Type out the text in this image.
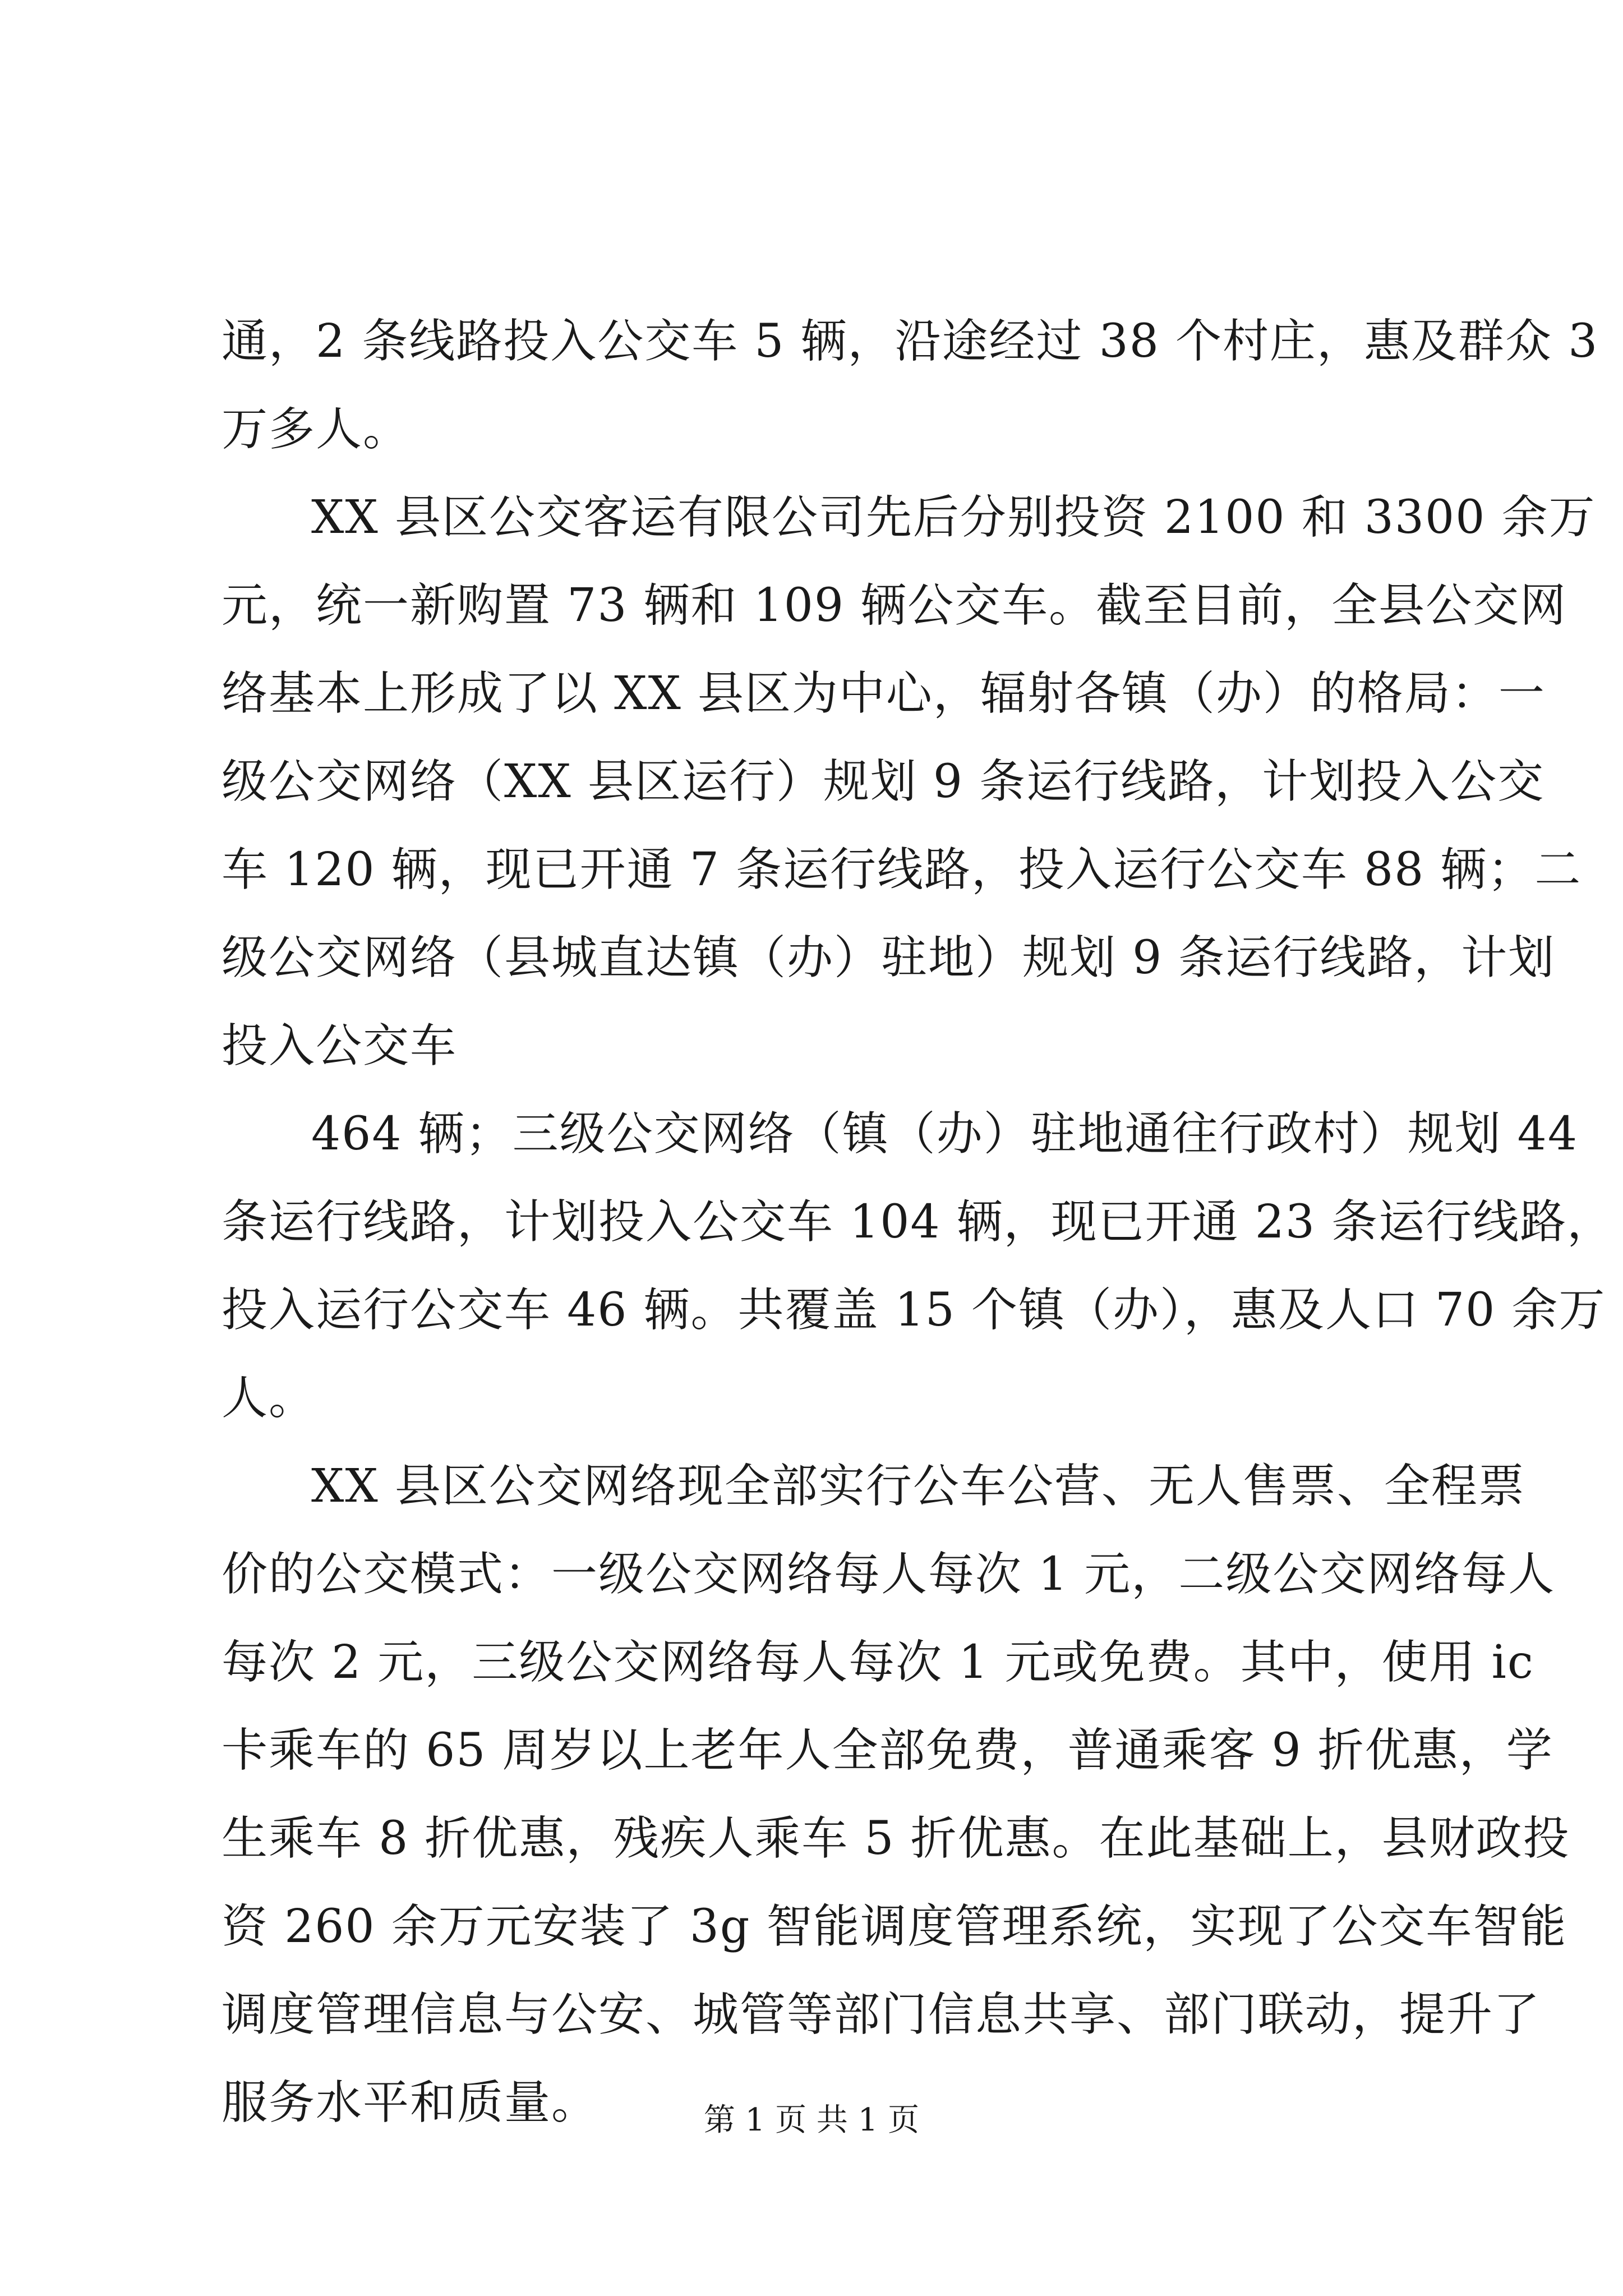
通，2 条线路投入公交车 5 辆，沿途经过 38 个村庄，惠及群众 3
万多人。
XX 县区公交客运有限公司先后分别投资 2100 和 3300 余万
元，统一新购置 73 辆和 109 辆公交车。截至目前，全县公交网
络基本上形成了以 XX 县区为中心，辐射各镇（办）的格局：一
级公交网络（XX 县区运行）规划 9 条运行线路，计划投入公交
车 120 辆，现已开通 7 条运行线路，投入运行公交车 88 辆；二
级公交网络（县城直达镇（办）驻地）规划 9 条运行线路，计划
投入公交车
464 辆；三级公交网络（镇（办）驻地通往行政村）规划 44
条运行线路，计划投入公交车 104 辆，现已开通 23 条运行线路，
投入运行公交车 46 辆。共覆盖 15 个镇（办），惠及人口 70 余万
人。
XX 县区公交网络现全部实行公车公营、无人售票、全程票
价的公交模式：一级公交网络每人每次 1 元，二级公交网络每人
每次 2 元，三级公交网络每人每次 1 元或免费。其中，使用 ic
卡乘车的 65 周岁以上老年人全部免费，普通乘客 9 折优惠，学
生乘车 8 折优惠，残疾人乘车 5 折优惠。在此基础上，县财政投
资 260 余万元安装了 3g 智能调度管理系统，实现了公交车智能
调度管理信息与公安、城管等部门信息共享、部门联动，提升了
服务水平和质量。	第 1 页 共 1 页
